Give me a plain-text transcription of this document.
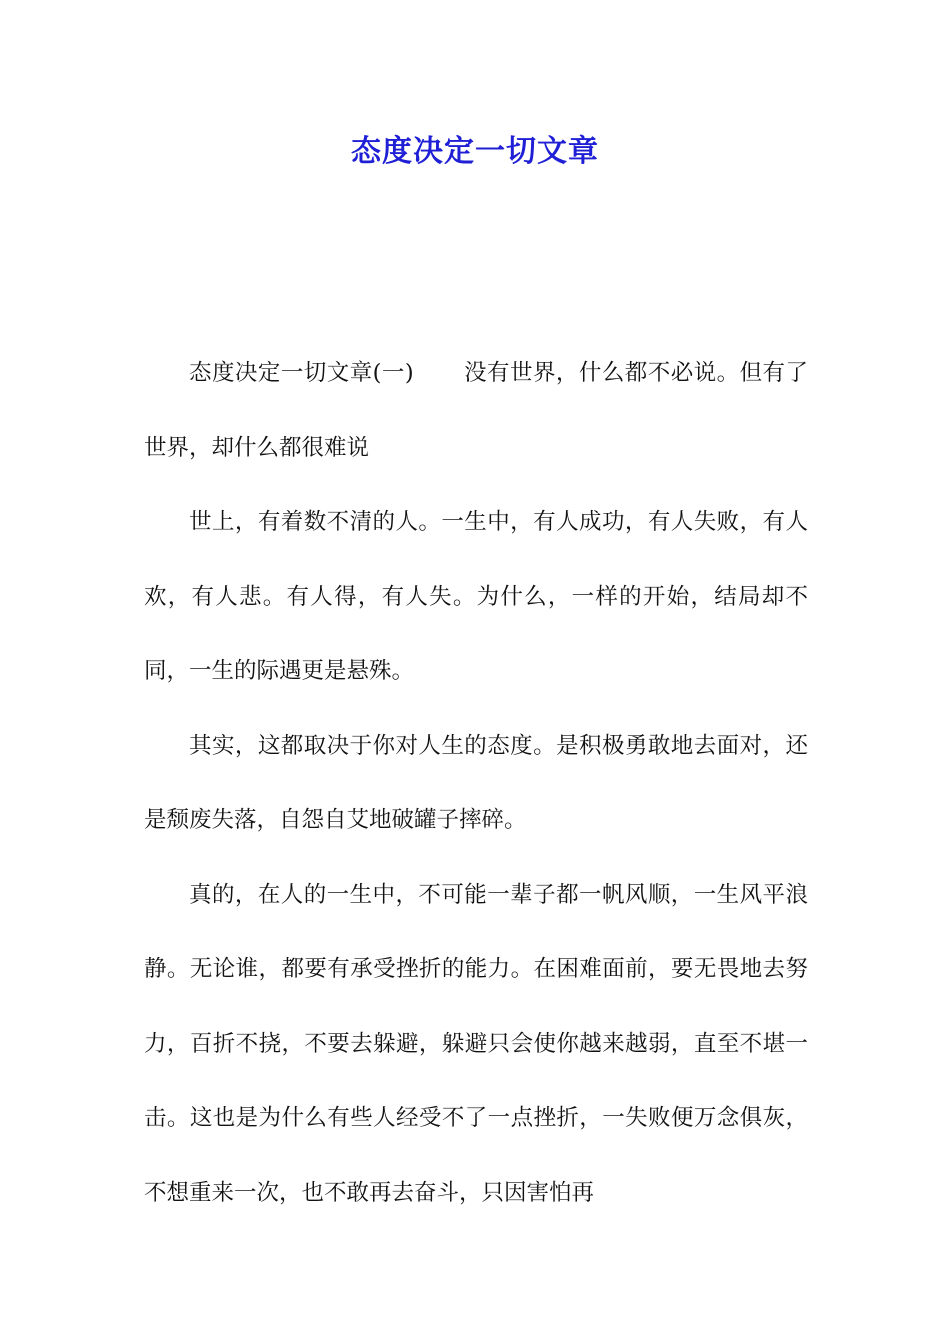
态度决定一切文章

态度决定一切文章(一) 没有世界，什么都不必说。但有了世界，却什么都很难说

世上，有着数不清的人。一生中，有人成功，有人失败，有人欢，有人悲。有人得，有人失。为什么，一样的开始，结局却不同，一生的际遇更是悬殊。

其实，这都取决于你对人生的态度。是积极勇敢地去面对，还是颓废失落，自怨自艾地破罐子摔碎。

真的，在人的一生中，不可能一辈子都一帆风顺，一生风平浪静。无论谁，都要有承受挫折的能力。在困难面前，要无畏地去努力，百折不挠，不要去躲避，躲避只会使你越来越弱，直至不堪一击。这也是为什么有些人经受不了一点挫折，一失败便万念俱灰，不想重来一次，也不敢再去奋斗，只因害怕再
